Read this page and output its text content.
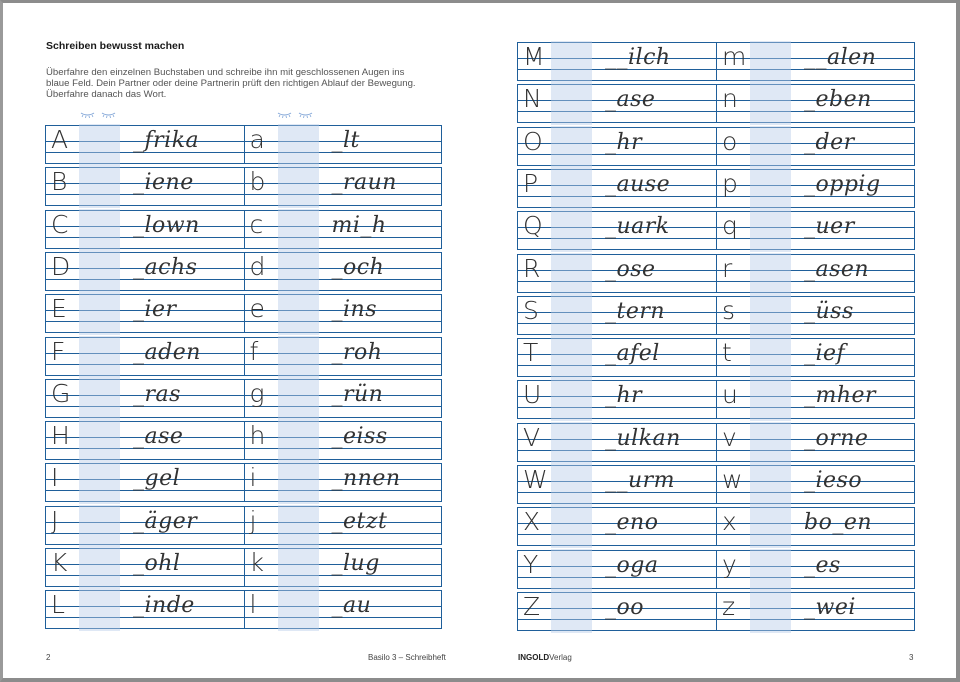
Schreiben bewusst machen
Überfahre den einzelnen Buchstaben und schreibe ihn mit geschlossenen Augen ins
blaue Feld. Dein Partner oder deine Partnerin prüft den richtigen Ablauf der Bewegung.
Überfahre danach das Wort.
A	_frika a	_lt
B	_iene b	_raun
C	_lown c	mi_h
D	_achs d	_och
E	_ier	e	_ins
F	_aden f	_roh
G	_ras	g	_rün
H	_ase	h	_eiss
I	_gel	i	_nnen
J	_äger j	_etzt
K	_ohl	k	_lug
L	_inde l	_au
M	__ilch m	__alen
N	_ase	n	_eben
O	_hr	o	_der
P	_ause p	_oppig
Q	_uark q	_uer
R	_ose	r	_asen
S	_tern s	_üss
T	_afel t	_ief
U	_hr	u	_mher
V	_ulkan v	_orne
W	__urm w	_ieso
X	_eno	x	bo_en
Y	_oga	y	_es
Z	_oo	z	_wei
2	Basilo 3 – Schreibheft	INGOLDVerlag	3
